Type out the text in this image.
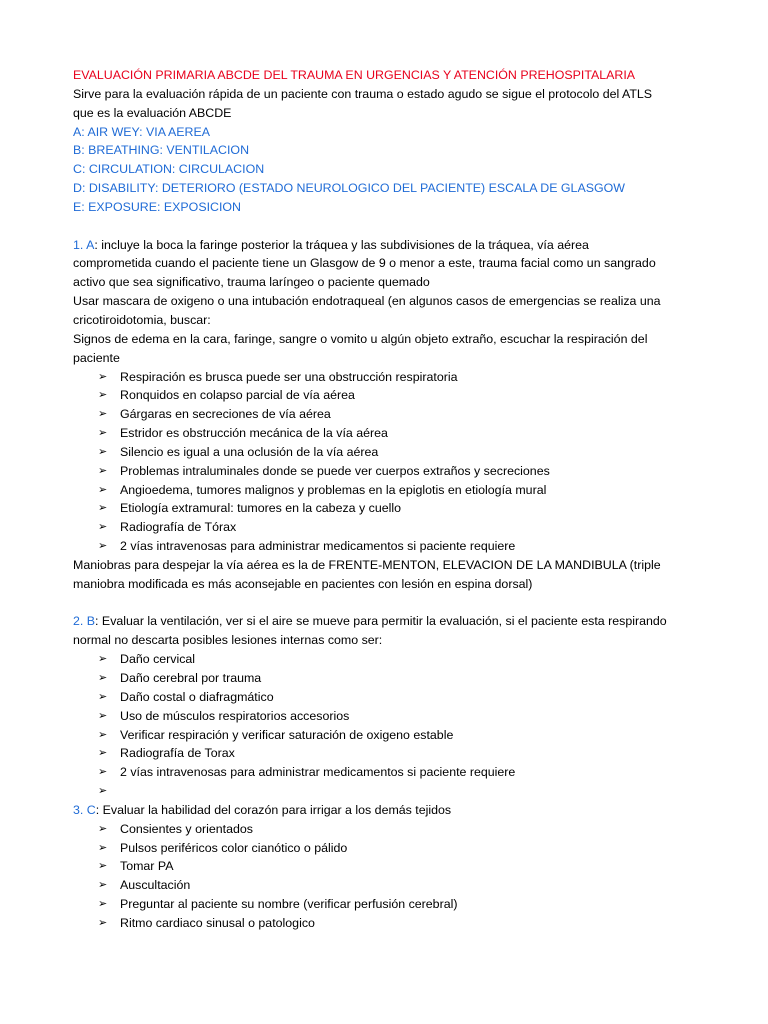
EVALUACIÓN PRIMARIA ABCDE DEL TRAUMA EN URGENCIAS Y ATENCIÓN PREHOSPITALARIA
Sirve para la evaluación rápida de un paciente con trauma o estado agudo se sigue el protocolo del ATLS
que es la evaluación ABCDE
A: AIR WEY: VIA AEREA
B: BREATHING: VENTILACION
C: CIRCULATION: CIRCULACION
D: DISABILITY: DETERIORO (ESTADO NEUROLOGICO DEL PACIENTE) ESCALA DE GLASGOW
E: EXPOSURE: EXPOSICION
1. A: incluye la boca la faringe posterior la tráquea y las subdivisiones de la tráquea, vía aérea
comprometida cuando el paciente tiene un Glasgow de 9 o menor a este, trauma facial como un sangrado
activo que sea significativo, trauma laríngeo o paciente quemado
Usar mascara de oxigeno o una intubación endotraqueal (en algunos casos de emergencias se realiza una
cricotiroidotomia, buscar:
Signos de edema en la cara, faringe, sangre o vomito u algún objeto extraño, escuchar la respiración del
paciente
➢ Respiración es brusca puede ser una obstrucción respiratoria
➢ Ronquidos en colapso parcial de vía aérea
➢ Gárgaras en secreciones de vía aérea
➢ Estridor es obstrucción mecánica de la vía aérea
➢ Silencio es igual a una oclusión de la vía aérea
➢ Problemas intraluminales donde se puede ver cuerpos extraños y secreciones
➢ Angioedema, tumores malignos y problemas en la epiglotis en etiología mural
➢ Etiología extramural: tumores en la cabeza y cuello
➢ Radiografía de Tórax
➢ 2 vías intravenosas para administrar medicamentos si paciente requiere
Maniobras para despejar la vía aérea es la de FRENTE-MENTON, ELEVACION DE LA MANDIBULA (triple
maniobra modificada es más aconsejable en pacientes con lesión en espina dorsal)
2. B: Evaluar la ventilación, ver si el aire se mueve para permitir la evaluación, si el paciente esta respirando
normal no descarta posibles lesiones internas como ser:
➢ Daño cervical
➢ Daño cerebral por trauma
➢ Daño costal o diafragmático
➢ Uso de músculos respiratorios accesorios
➢ Verificar respiración y verificar saturación de oxigeno estable
➢ Radiografía de Torax
➢ 2 vías intravenosas para administrar medicamentos si paciente requiere
➢
3. C: Evaluar la habilidad del corazón para irrigar a los demás tejidos
➢ Consientes y orientados
➢ Pulsos periféricos color cianótico o pálido
➢ Tomar PA
➢ Auscultación
➢ Preguntar al paciente su nombre (verificar perfusión cerebral)
➢ Ritmo cardiaco sinusal o patologico
